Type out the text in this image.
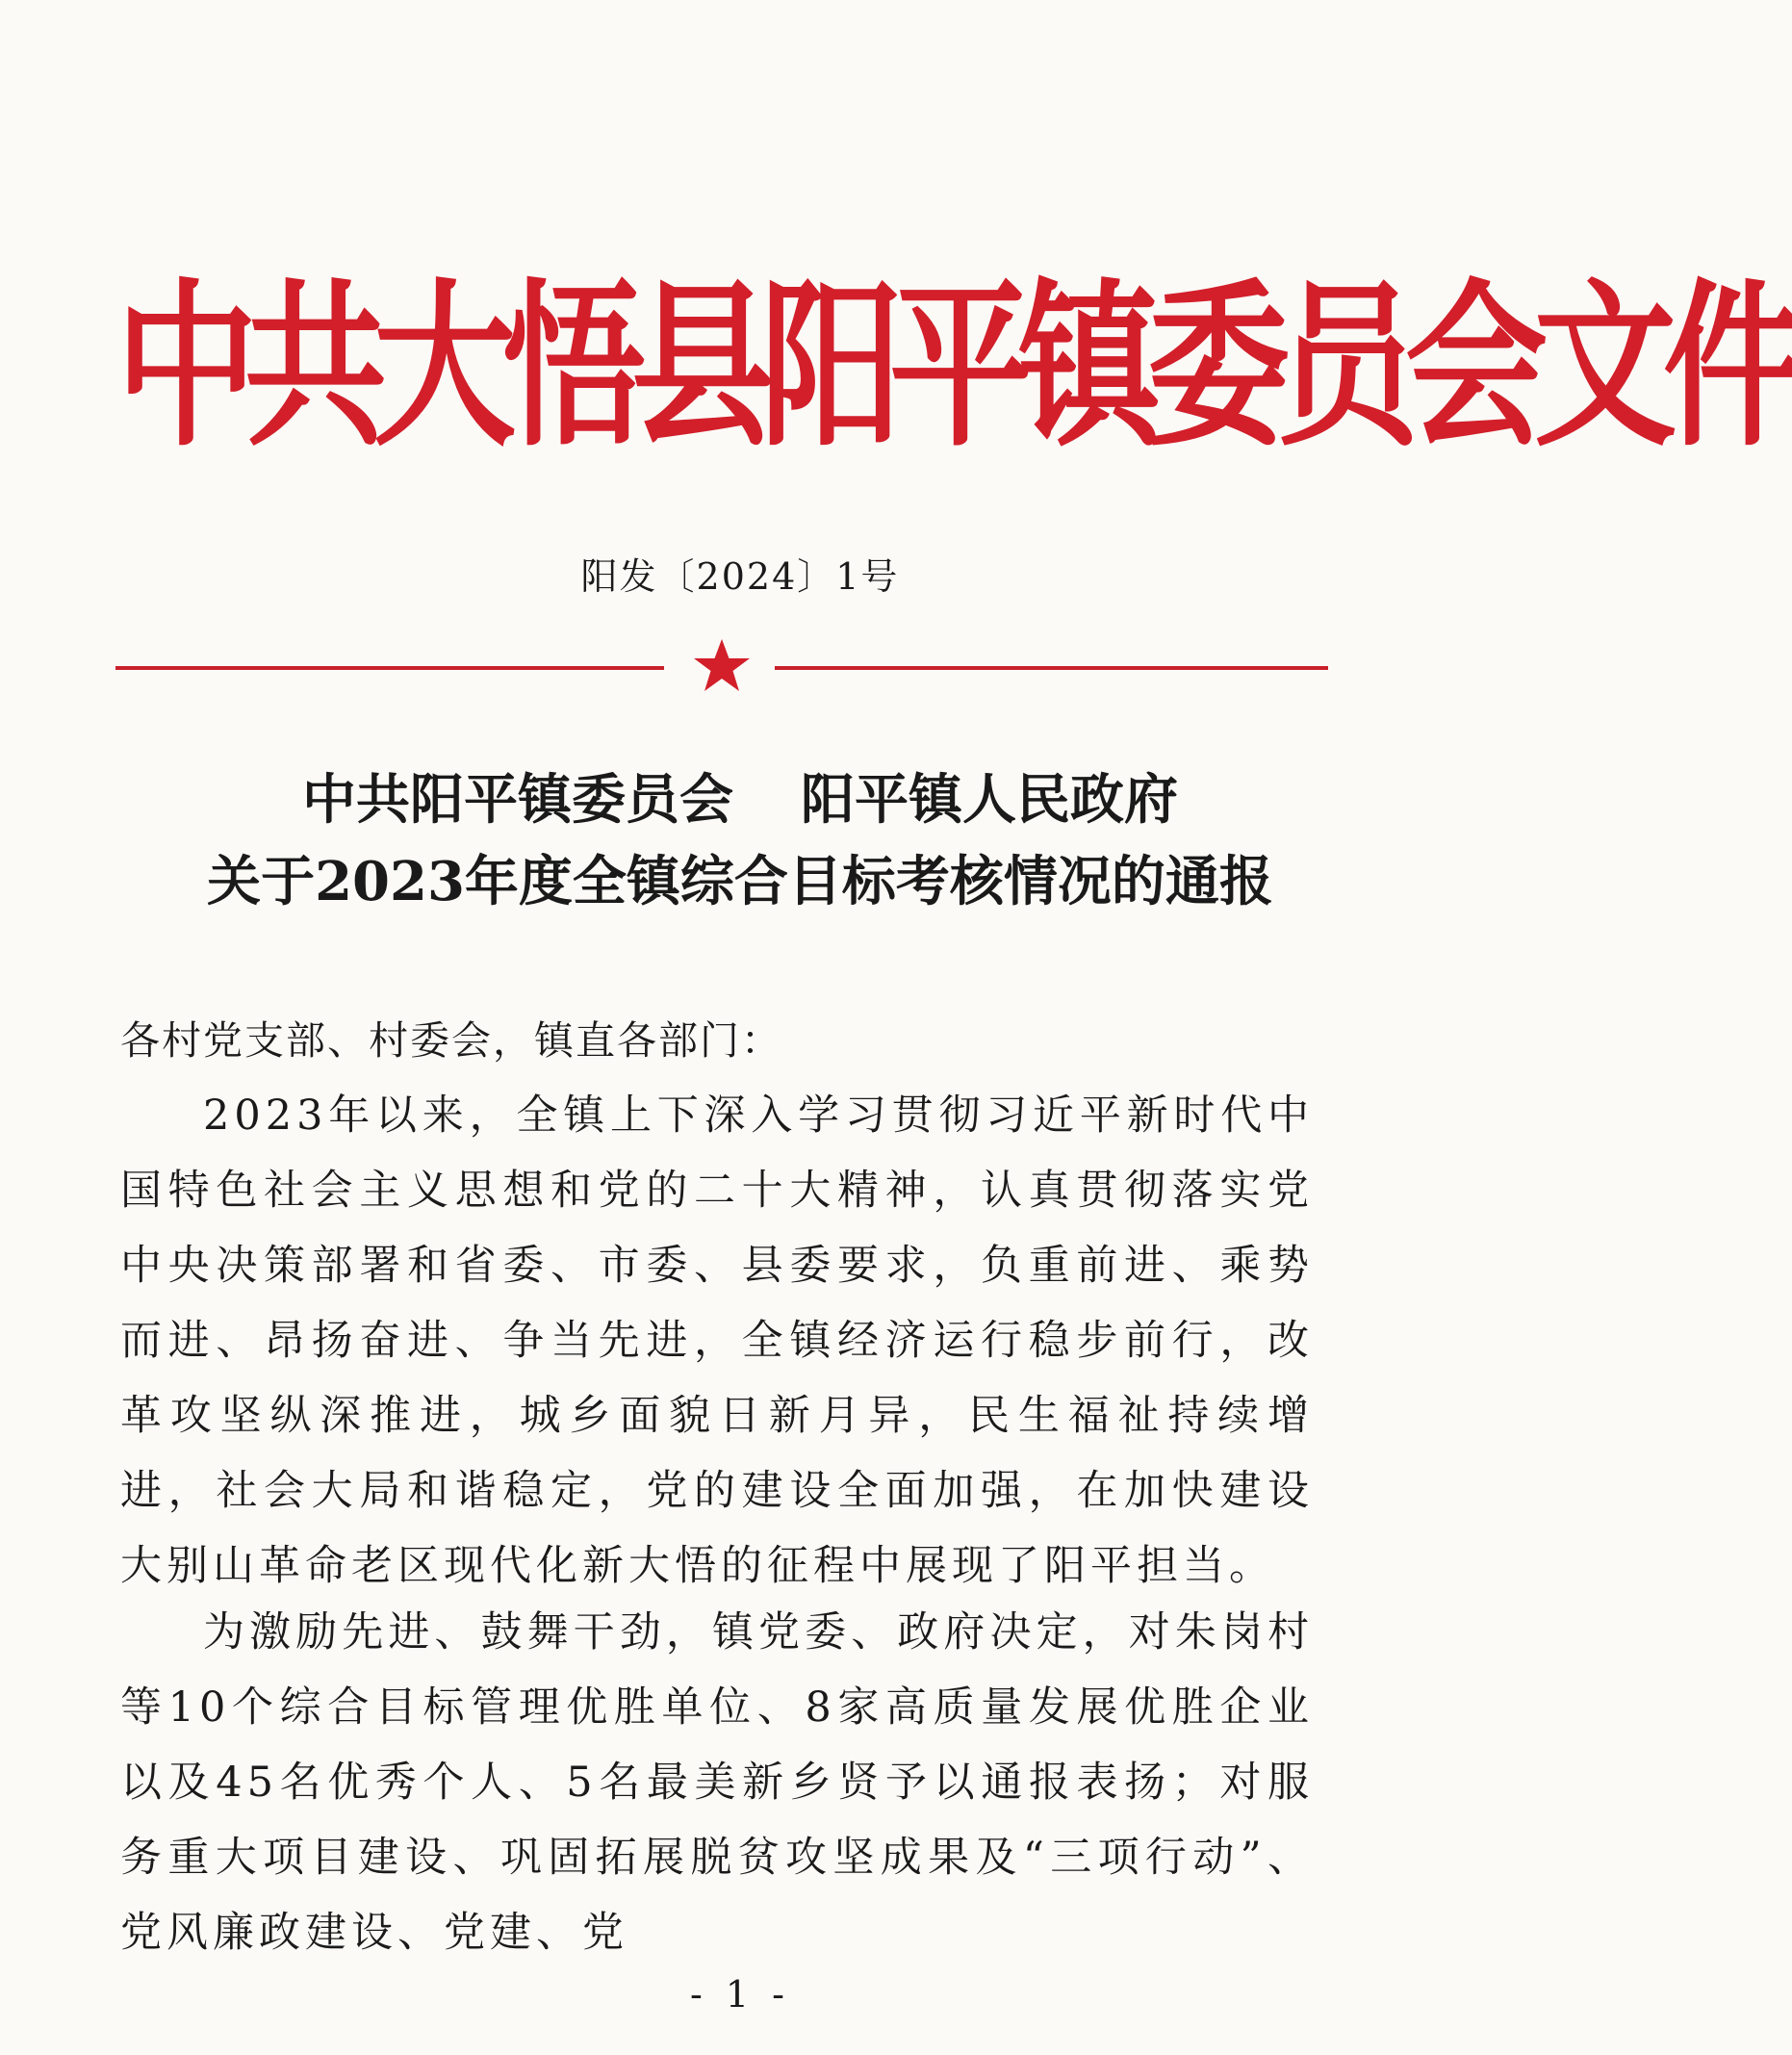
中共大悟县阳平镇委员会文件
阳发〔2024〕1号
中共阳平镇委员会 阳平镇人民政府
关于2023年度全镇综合目标考核情况的通报
各村党支部、村委会，镇直各部门：
2023年以来，全镇上下深入学习贯彻习近平新时代中国特色社会主义思想和党的二十大精神，认真贯彻落实党中央决策部署和省委、市委、县委要求，负重前进、乘势而进、昂扬奋进、争当先进，全镇经济运行稳步前行，改革攻坚纵深推进，城乡面貌日新月异，民生福祉持续增进，社会大局和谐稳定，党的建设全面加强，在加快建设大别山革命老区现代化新大悟的征程中展现了阳平担当。
为激励先进、鼓舞干劲，镇党委、政府决定，对朱岗村等10个综合目标管理优胜单位、8家高质量发展优胜企业以及45名优秀个人、5名最美新乡贤予以通报表扬；对服务重大项目建设、巩固拓展脱贫攻坚成果及“三项行动”、党风廉政建设、党建、党
- 1 -
